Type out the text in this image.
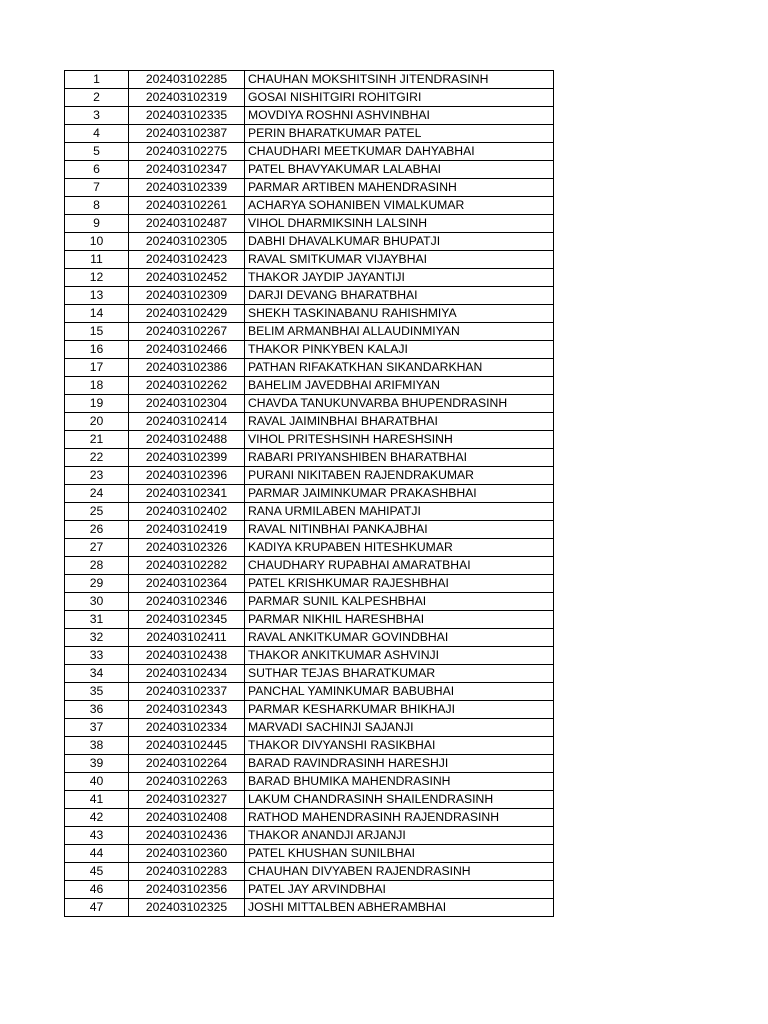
1	202403102285	CHAUHAN MOKSHITSINH JITENDRASINH
2	202403102319	GOSAI NISHITGIRI ROHITGIRI
3	202403102335	MOVDIYA ROSHNI ASHVINBHAI
4	202403102387	PERIN BHARATKUMAR PATEL
5	202403102275	CHAUDHARI MEETKUMAR DAHYABHAI
6	202403102347	PATEL BHAVYAKUMAR LALABHAI
7	202403102339	PARMAR ARTIBEN MAHENDRASINH
8	202403102261	ACHARYA SOHANIBEN VIMALKUMAR
9	202403102487	VIHOL DHARMIKSINH LALSINH
10	202403102305	DABHI DHAVALKUMAR BHUPATJI
11	202403102423	RAVAL SMITKUMAR VIJAYBHAI
12	202403102452	THAKOR JAYDIP JAYANTIJI
13	202403102309	DARJI DEVANG BHARATBHAI
14	202403102429	SHEKH TASKINABANU RAHISHMIYA
15	202403102267	BELIM ARMANBHAI ALLAUDINMIYAN
16	202403102466	THAKOR PINKYBEN KALAJI
17	202403102386	PATHAN RIFAKATKHAN SIKANDARKHAN
18	202403102262	BAHELIM JAVEDBHAI ARIFMIYAN
19	202403102304	CHAVDA TANUKUNVARBA BHUPENDRASINH
20	202403102414	RAVAL JAIMINBHAI BHARATBHAI
21	202403102488	VIHOL PRITESHSINH HARESHSINH
22	202403102399	RABARI PRIYANSHIBEN BHARATBHAI
23	202403102396	PURANI NIKITABEN RAJENDRAKUMAR
24	202403102341	PARMAR JAIMINKUMAR PRAKASHBHAI
25	202403102402	RANA URMILABEN MAHIPATJI
26	202403102419	RAVAL NITINBHAI PANKAJBHAI
27	202403102326	KADIYA KRUPABEN HITESHKUMAR
28	202403102282	CHAUDHARY RUPABHAI AMARATBHAI
29	202403102364	PATEL KRISHKUMAR RAJESHBHAI
30	202403102346	PARMAR SUNIL KALPESHBHAI
31	202403102345	PARMAR NIKHIL HARESHBHAI
32	202403102411	RAVAL ANKITKUMAR GOVINDBHAI
33	202403102438	THAKOR ANKITKUMAR ASHVINJI
34	202403102434	SUTHAR TEJAS BHARATKUMAR
35	202403102337	PANCHAL YAMINKUMAR BABUBHAI
36	202403102343	PARMAR KESHARKUMAR BHIKHAJI
37	202403102334	MARVADI SACHINJI SAJANJI
38	202403102445	THAKOR DIVYANSHI RASIKBHAI
39	202403102264	BARAD RAVINDRASINH HARESHJI
40	202403102263	BARAD BHUMIKA MAHENDRASINH
41	202403102327	LAKUM CHANDRASINH SHAILENDRASINH
42	202403102408	RATHOD MAHENDRASINH RAJENDRASINH
43	202403102436	THAKOR ANANDJI ARJANJI
44	202403102360	PATEL KHUSHAN SUNILBHAI
45	202403102283	CHAUHAN DIVYABEN RAJENDRASINH
46	202403102356	PATEL JAY ARVINDBHAI
47	202403102325	JOSHI MITTALBEN ABHERAMBHAI
